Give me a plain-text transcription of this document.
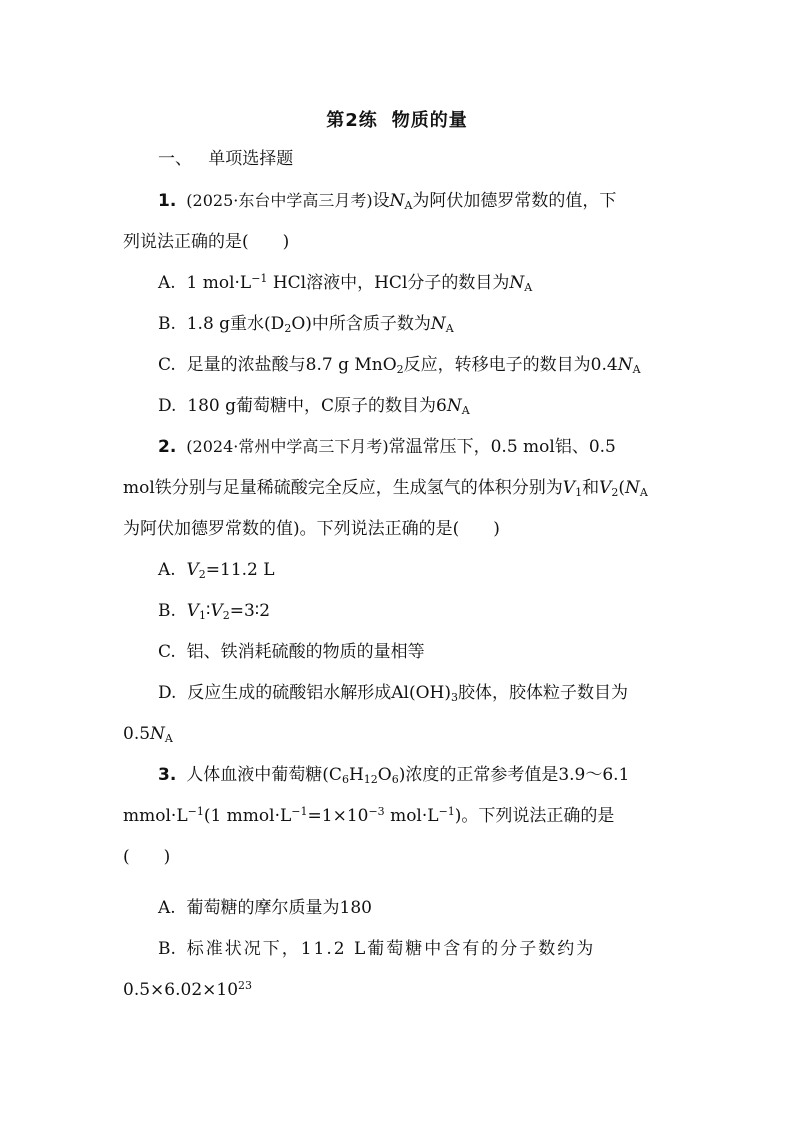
第2练 物质的量
一、 单项选择题
1. (2025·东台中学高三月考)设$N_A$为阿伏加德罗常数的值，下
列说法正确的是(　　)
A. 1 $mol\cdot L^{-1}$ HCl溶液中，HCl分子的数目为$N_A$
B. 1.8 g重水$(D_2O)$中所含质子数为$N_A$
C. 足量的浓盐酸与8.7 g MnO$_2$反应，转移电子的数目为$0.4N_A$
D. 180 g葡萄糖中，C原子的数目为$6N_A$
2. (2024·常州中学高三下月考)常温常压下，0.5 mol铝、0.5
mol铁分别与足量稀硫酸完全反应，生成氢气的体积分别为$V_1$和$V_2(N_A$
为阿伏加德罗常数的值)。下列说法正确的是(　　)
A. $V_2=11.2$ L
B. $V_1∶V_2=3∶2$
C. 铝、铁消耗硫酸的物质的量相等
D. 反应生成的硫酸铝水解形成$Al(OH)_3$胶体，胶体粒子数目为
$0.5N_A$
3. 人体血液中葡萄糖$(C_6H_{12}O_6)$浓度的正常参考值是3.9～6.1
$mmol\cdot L^{-1}(1$ $mmol\cdot L^{-1}=1\times 10^{-3}$ $mol\cdot L^{-1}$)。下列说法正确的是
(　　)
A. 葡萄糖的摩尔质量为180
B. 标准状况下，11.2 L葡萄糖中含有的分子数约为
$0.5\times 6.02\times 10^{23}$
